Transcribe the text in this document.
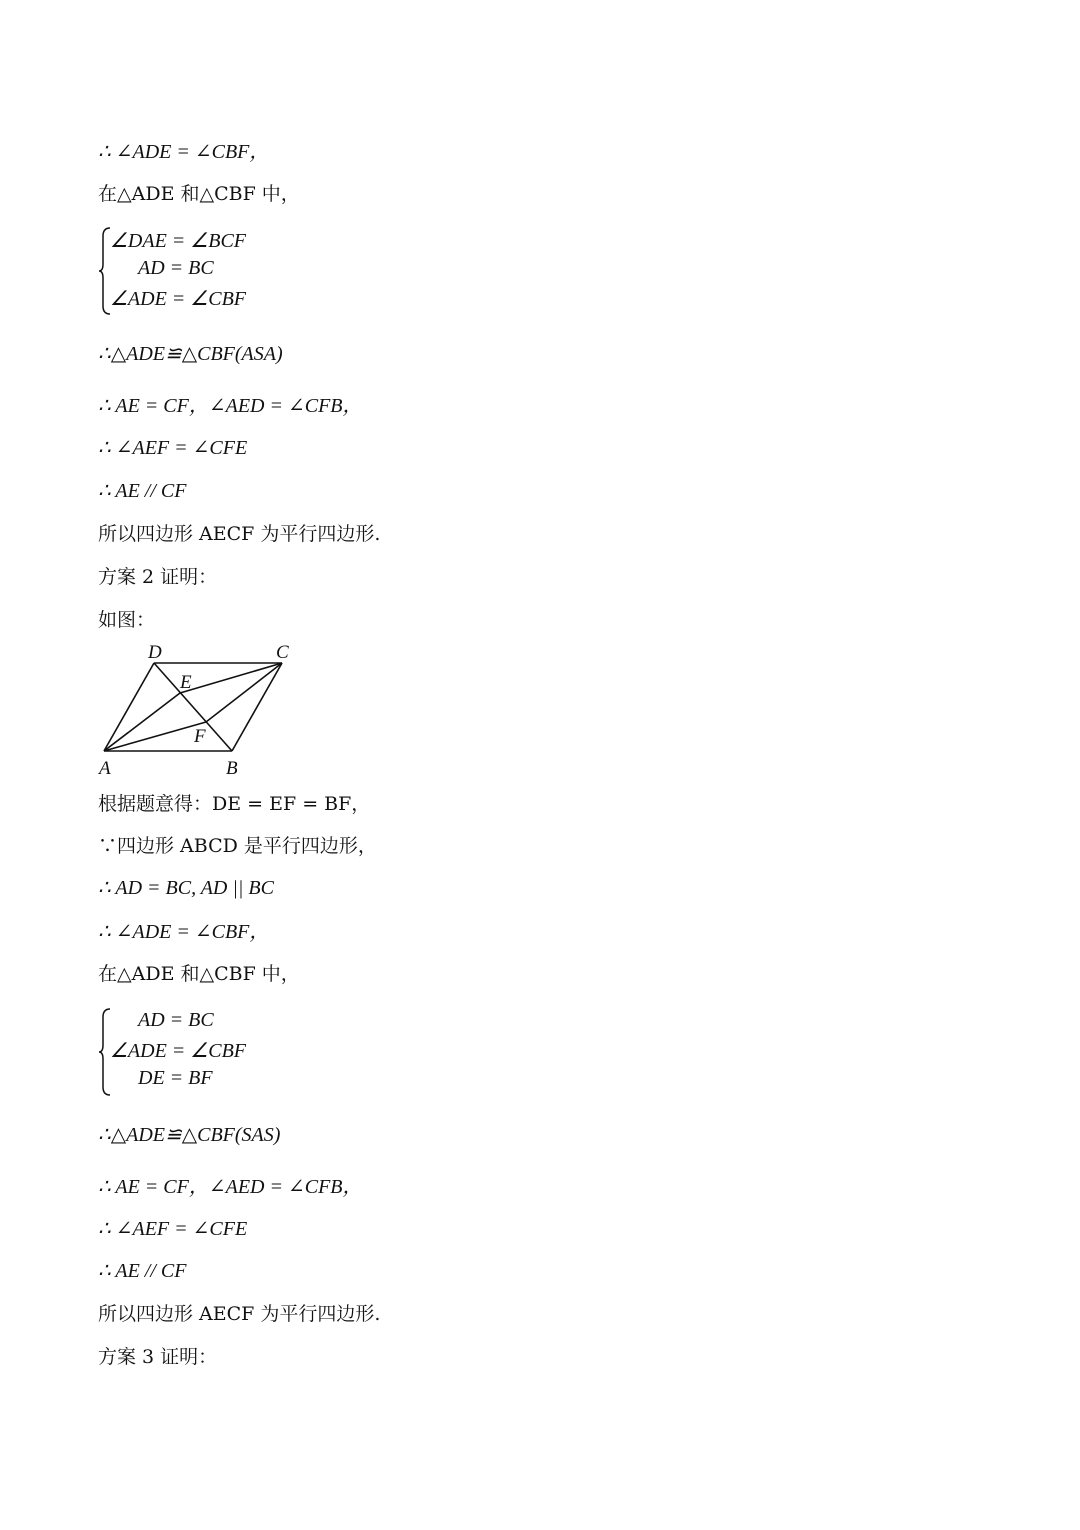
∴ ∠ADE = ∠CBF，
在△ADE 和△CBF 中，
∠DAE = ∠BCF
AD = BC
∠ADE = ∠CBF
∴△ADE≌△CBF(ASA)
∴ AE = CF，∠AED = ∠CFB，
∴ ∠AEF = ∠CFE
∴ AE // CF
所以四边形 AECF 为平行四边形.
方案 2 证明：
如图：
D	C
E
F
A	B
根据题意得：DE = EF = BF，
∵四边形 ABCD 是平行四边形，
∴ AD = BC, AD || BC
∴ ∠ADE = ∠CBF，
在△ADE 和△CBF 中，
AD = BC
∠ADE = ∠CBF
DE = BF
∴△ADE≌△CBF(SAS)
∴ AE = CF，∠AED = ∠CFB，
∴ ∠AEF = ∠CFE
∴ AE // CF
所以四边形 AECF 为平行四边形.
方案 3 证明：
